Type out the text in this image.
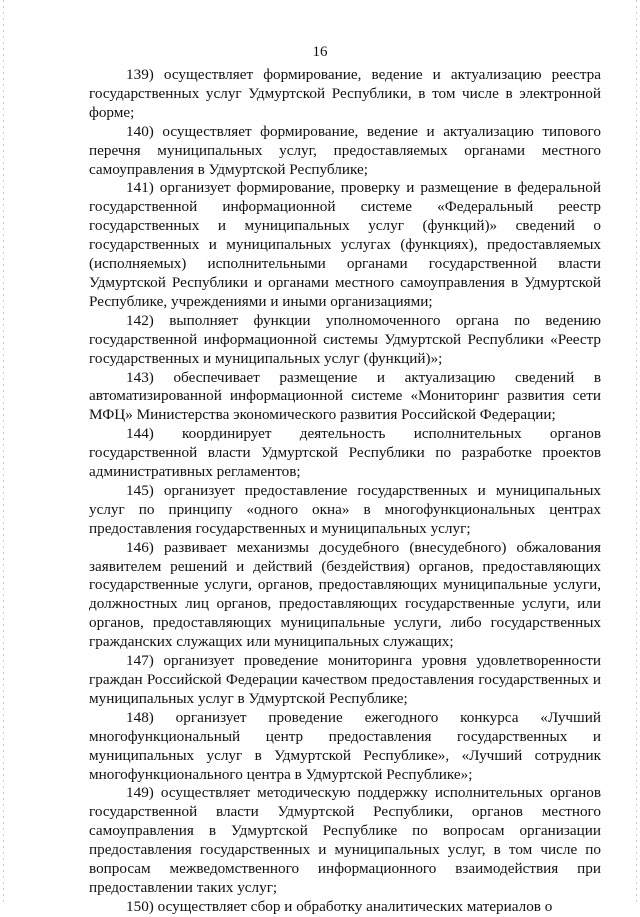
16

139) осуществляет формирование, ведение и актуализацию реестра государственных услуг Удмуртской Республики, в том числе в электронной форме;

140) осуществляет формирование, ведение и актуализацию типового перечня муниципальных услуг, предоставляемых органами местного самоуправления в Удмуртской Республике;

141) организует формирование, проверку и размещение в федеральной государственной информационной системе «Федеральный реестр государственных и муниципальных услуг (функций)» сведений о государственных и муниципальных услугах (функциях), предоставляемых (исполняемых) исполнительными органами государственной власти Удмуртской Республики и органами местного самоуправления в Удмуртской Республике, учреждениями и иными организациями;

142) выполняет функции уполномоченного органа по ведению государственной информационной системы Удмуртской Республики «Реестр государственных и муниципальных услуг (функций)»;

143) обеспечивает размещение и актуализацию сведений в автоматизированной информационной системе «Мониторинг развития сети МФЦ» Министерства экономического развития Российской Федерации;

144) координирует деятельность исполнительных органов государственной власти Удмуртской Республики по разработке проектов административных регламентов;

145) организует предоставление государственных и муниципальных услуг по принципу «одного окна» в многофункциональных центрах предоставления государственных и муниципальных услуг;

146) развивает механизмы досудебного (внесудебного) обжалования заявителем решений и действий (бездействия) органов, предоставляющих государственные услуги, органов, предоставляющих муниципальные услуги, должностных лиц органов, предоставляющих государственные услуги, или органов, предоставляющих муниципальные услуги, либо государственных гражданских служащих или муниципальных служащих;

147) организует проведение мониторинга уровня удовлетворенности граждан Российской Федерации качеством предоставления государственных и муниципальных услуг в Удмуртской Республике;

148) организует проведение ежегодного конкурса «Лучший многофункциональный центр предоставления государственных и муниципальных услуг в Удмуртской Республике», «Лучший сотрудник многофункционального центра в Удмуртской Республике»;

149) осуществляет методическую поддержку исполнительных органов государственной власти Удмуртской Республики, органов местного самоуправления в Удмуртской Республике по вопросам организации предоставления государственных и муниципальных услуг, в том числе по вопросам межведомственного информационного взаимодействия при предоставлении таких услуг;

150) осуществляет сбор и обработку аналитических материалов о
